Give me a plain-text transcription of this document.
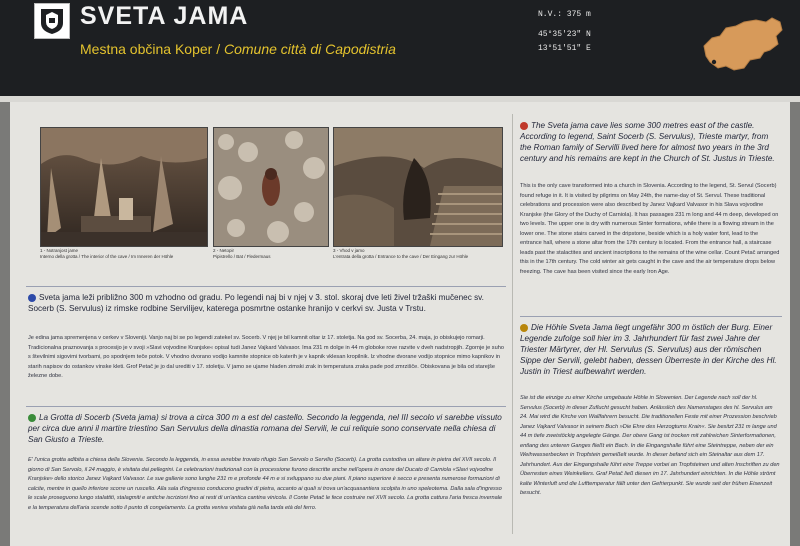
SVETA JAMA
Mestna občina Koper / Comune città di Capodistria
N.V.: 375 m
45°35'23" N
13°51'51" E
1 - Notranjost jame
Interno della grotta / The interior of the cave / Im Inneren der Höhle
2 - Netopir
Pipistrello / Bat / Fledermaus
3 - Vhod v jamo
L'entrata della grotta / Entrance to the cave / Der Eingang zur Höhle
Sveta jama leži približno 300 m vzhodno od gradu. Po legendi naj bi v njej v 3. stol. skoraj dve leti živel tržaški mučenec sv. Socerb (S. Servulus) iz rimske rodbine Servilijev, katerega posmrtne ostanke hranijo v cerkvi sv. Justa v Trstu.
Je edina jama spremenjena v cerkev v Sloveniji. Vanjo naj bi se po legendi zatekel sv. Socerb. V njej je bil kamnit oltar iz 17. stoletja. Na god sv. Socerba, 24. maja, jo obiskujejo romarji. Tradicionalna praznovanja s procesijo je v svoji »Slavi vojvodine Kranjske« opisal tudi Janez Vajkard Valvasor. Ima 231 m dolge in 44 m globoke rove razvite v dveh nadstropjih. Zgornje je suho s številnimi sigovimi tvorbami, po spodnjem teče potok. V vhodno dvorano vodijo kamnite stopnice ob katerih je v kapnik vklesan kropilnik. Iz vhodne dvorane vodijo stopnice mimo kapnikov in starih napisov do ostankov vinske kleti. Grof Petač je jo dal urediti v 17. stoletju. V jamo se ujame hladen zimski zrak in temperatura zraka pade pod zmrzišče. Obiskovana je bila od starejše železne dobe.
La Grotta di Socerb (Sveta jama) si trova a circa 300 m a est del castello. Secondo la leggenda, nel III secolo vi sarebbe vissuto per circa due anni il martire triestino San Servulus della dinastia romana dei Servili, le cui reliquie sono conservate nella chiesa di San Giusto a Trieste.
E' l'unica grotta adibita a chiesa della Slovenia. Secondo la leggenda, in essa avrebbe trovato rifugio San Servolo o Servilio (Socerb). La grotta custodiva un altare in pietra del XVII secolo. Il giorno di San Servolo, il 24 maggio, è visitata dai pellegrini. Le celebrazioni tradizionali con la processione furono descritte anche nell'opera in onore del Ducato di Carniola «Slavi vojvodine Kranjske» dello storico Janez Vajkard Valvasor. Le sue gallerie sono lunghe 231 m e profonde 44 m e si sviluppano su due piani. Il piano superiore è secco e presenta numerose formazioni di calcite, mentre in quello inferiore scorre un ruscello. Alla sala d'ingresso conducono gradini di pietra, accanto ai quali si trova un'acquasantiera scolpita in uno speleotema. Dalla sala d'ingresso le scale proseguono lungo stalattiti, stalagmiti e antiche iscrizioni fino ai resti di un'antica cantina vinicola. Il Conte Petač le fece costruire nel XVII secolo. La grotta cattura l'aria fresca invernale e la temperatura dell'aria scende sotto il punto di congelamento. La grotta veniva visitata già nella tarda età del ferro.
The Sveta jama cave lies some 300 metres east of the castle. According to legend, Saint Socerb (S. Servulus), Trieste martyr, from the Roman family of Servilli lived here for almost two years in the 3rd century and his remains are kept in the Church of St. Justus in Trieste.
This is the only cave transformed into a church in Slovenia. According to the legend, St. Servul (Socerb) found refuge in it. It is visited by pilgrims on May 24th, the name-day of St. Servul. These traditional celebrations and procession were also described by Janez Vajkard Valvasor in his Slava vojvodine Kranjske (the Glory of the Duchy of Carniola). It has passages 231 m long and 44 m deep, developed on two levels. The upper one is dry with numerous Sinter formations, while there is a flowing stream in the lower one. The stone stairs carved in the dripstone, beside which is a holy water font, lead to the entrance hall, where a stone altar from the 17th century is located. From the entrance hall, a staircase leads past the stalactites and ancient inscriptions to the remains of the wine cellar. Count Petač arranged this in the 17th century. The cold winter air gets caught in the cave and the air temperature drops below freezing. The cave has been visited since the early Iron Age.
Die Höhle Sveta Jama liegt ungefähr 300 m östlich der Burg. Einer Legende zufolge soll hier im 3. Jahrhundert für fast zwei Jahre der Triester Märtyrer, der Hl. Servulus (S. Servulus) aus der römischen Sippe der Servili, gelebt haben, dessen Überreste in der Kirche des Hl. Justin in Triest aufbewahrt werden.
Sie ist die einzige zu einer Kirche umgebaute Höhle in Slowenien. Der Legende nach soll der hl. Servulus (Socerb) in dieser Zuflucht gesucht haben. Anlässlich des Namenstages des hl. Servulus am 24. Mai wird die Kirche von Wallfahrern besucht. Die traditionellen Feste mit einer Prozession beschrieb Janez Vajkard Valvasor in seinem Buch »Die Ehre des Herzogtums Krain«. Sie besitzt 231 m lange und 44 m tiefe zweistöckig angelegte Gänge. Der obere Gang ist trocken mit zahlreichen Sinterformationen, entlang des unteren Ganges fließt ein Bach. In die Eingangshalle führt eine Steintreppe, neben der ein Weihwasserbecken in Tropfstein gemeißelt wurde. In dieser befand sich ein Steinaltar aus dem 17. Jahrhundert. Aus der Eingangshalle führt eine Treppe vorbei an Tropfsteinen und alten Inschriften zu den Überresten eines Weinkellers. Graf Petač ließ diesen im 17. Jahrhundert einrichten. In die Höhle strömt kalte Winterluft und die Lufttemperatur fällt unter den Gefrierpunkt. Sie wurde seit der frühen Eisenzeit besucht.
